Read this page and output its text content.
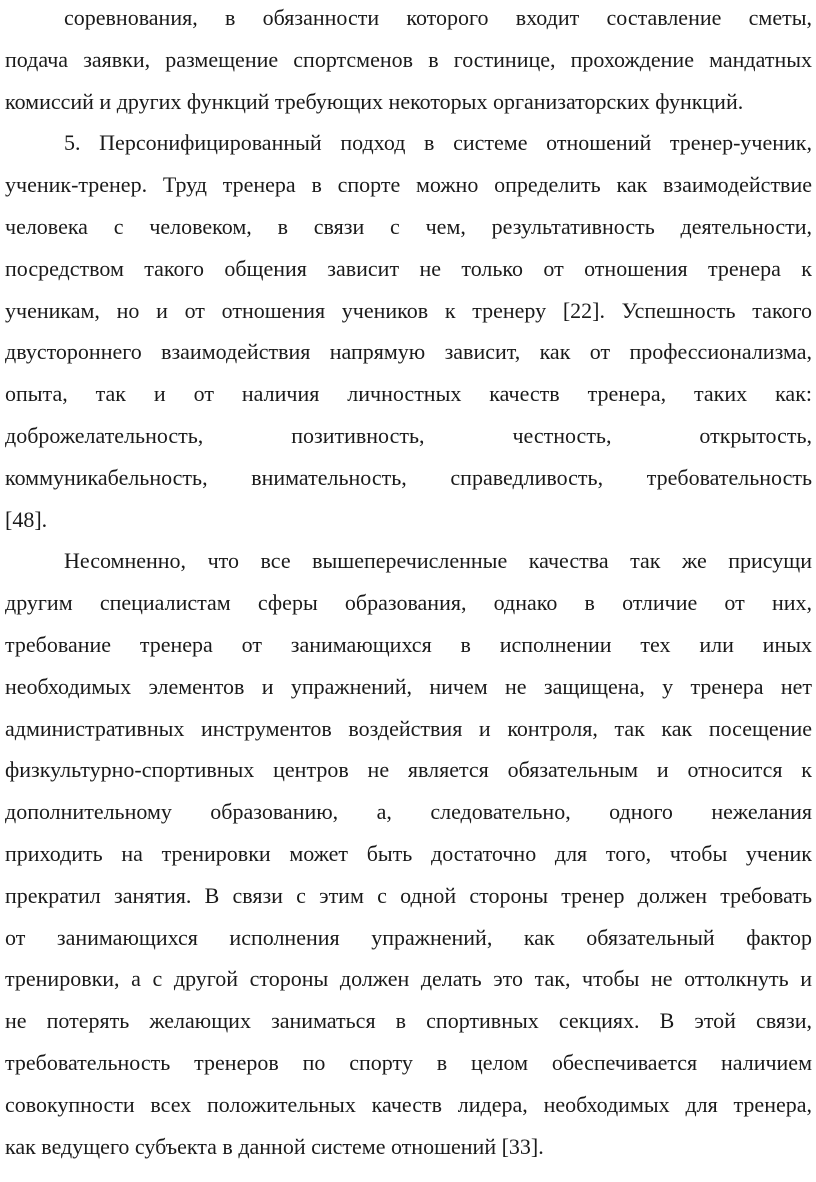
соревнования, в обязанности которого входит составление сметы,
подача заявки, размещение спортсменов в гостинице, прохождение мандатных
комиссий и других функций требующих некоторых организаторских функций.
5. Персонифицированный подход в системе отношений тренер-ученик,
ученик-тренер. Труд тренера в спорте можно определить как взаимодействие
человека с человеком, в связи с чем, результативность деятельности,
посредством такого общения зависит не только от отношения тренера к
ученикам, но и от отношения учеников к тренеру [22]. Успешность такого
двустороннего взаимодействия напрямую зависит, как от профессионализма,
опыта, так и от наличия личностных качеств тренера, таких как:
доброжелательность, позитивность, честность, открытость,
коммуникабельность, внимательность, справедливость, требовательность
[48].
Несомненно, что все вышеперечисленные качества так же присущи
другим специалистам сферы образования, однако в отличие от них,
требование тренера от занимающихся в исполнении тех или иных
необходимых элементов и упражнений, ничем не защищена, у тренера нет
административных инструментов воздействия и контроля, так как посещение
физкультурно-спортивных центров не является обязательным и относится к
дополнительному образованию, а, следовательно, одного нежелания
приходить на тренировки может быть достаточно для того, чтобы ученик
прекратил занятия. В связи с этим с одной стороны тренер должен требовать
от занимающихся исполнения упражнений, как обязательный фактор
тренировки, а с другой стороны должен делать это так, чтобы не оттолкнуть и
не потерять желающих заниматься в спортивных секциях. В этой связи,
требовательность тренеров по спорту в целом обеспечивается наличием
совокупности всех положительных качеств лидера, необходимых для тренера,
как ведущего субъекта в данной системе отношений [33].
